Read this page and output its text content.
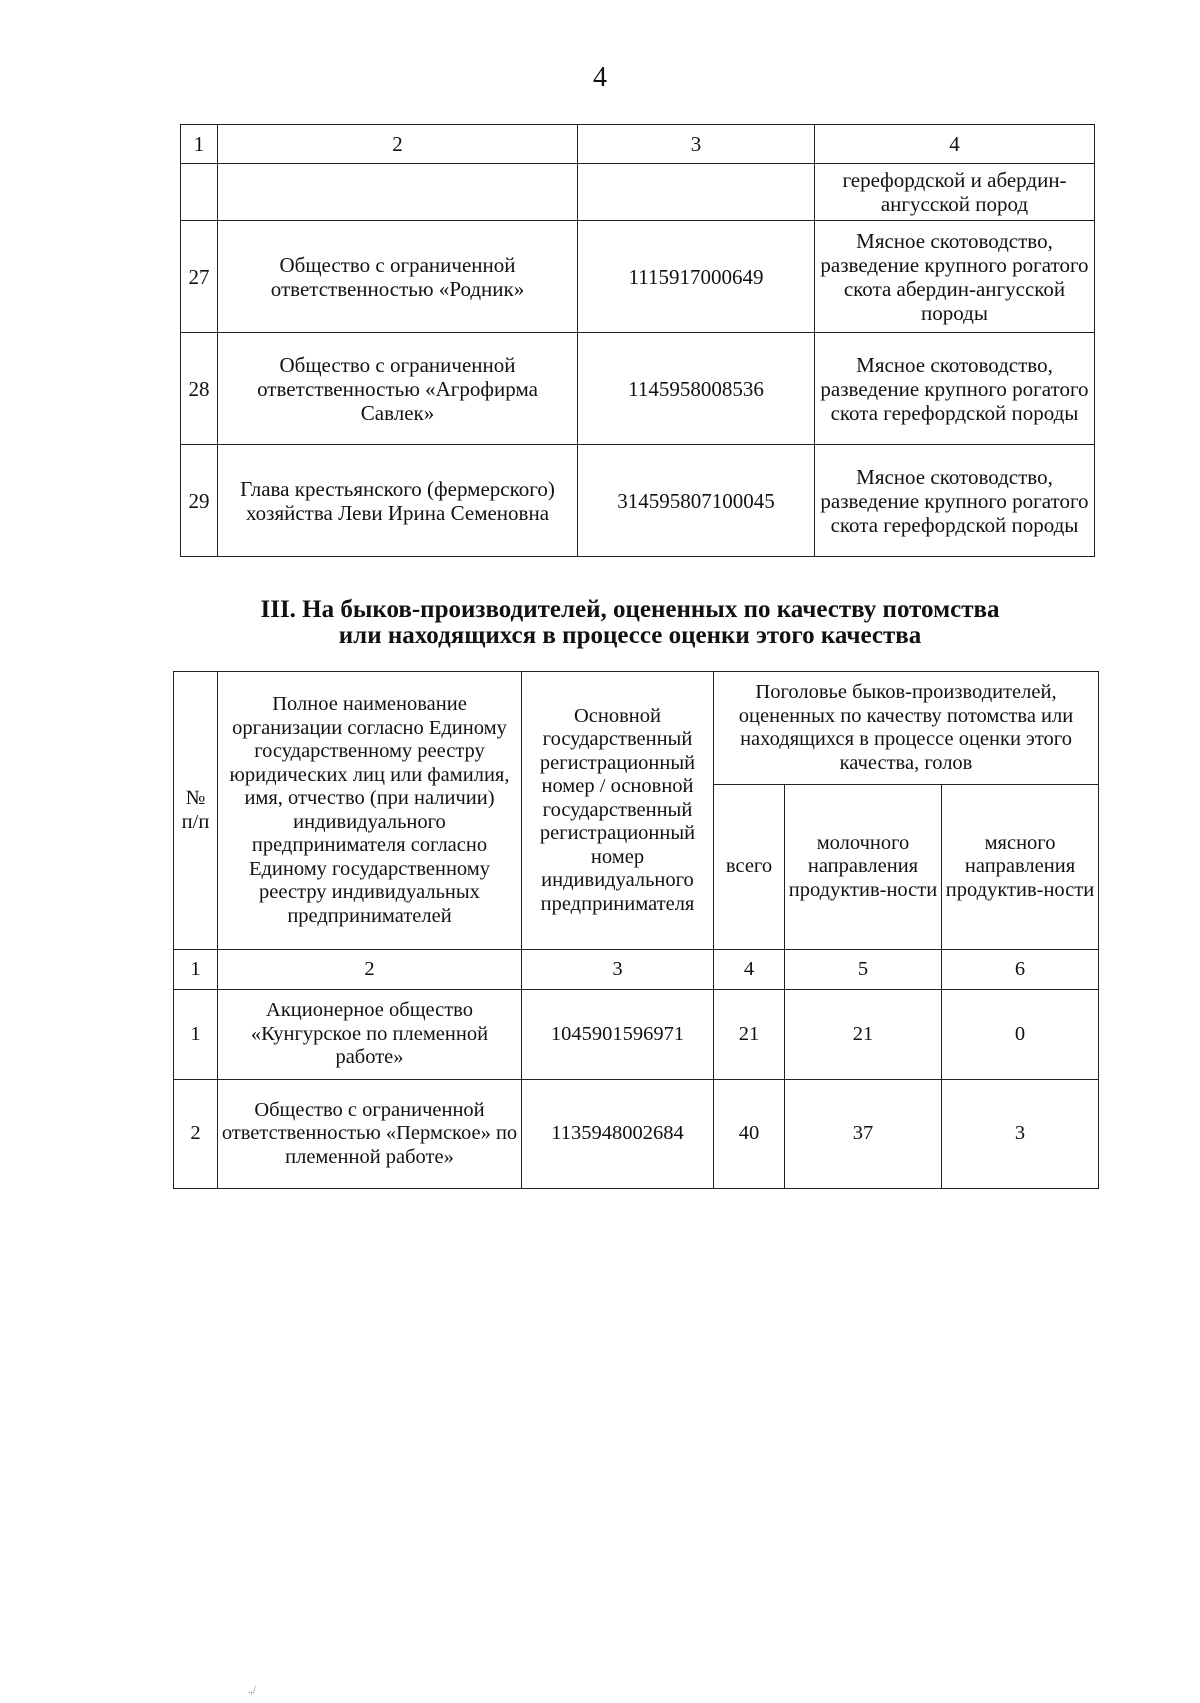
4
1	2	3	4
			герефордской и абердин-ангусской пород
27	Общество с ограниченной ответственностью «Родник»	1115917000649	Мясное скотоводство, разведение крупного рогатого скота абердин-ангусской породы
28	Общество с ограниченной ответственностью «Агрофирма Савлек»	1145958008536	Мясное скотоводство, разведение крупного рогатого скота герефордской породы
29	Глава крестьянского (фермерского) хозяйства Леви Ирина Семеновна	314595807100045	Мясное скотоводство, разведение крупного рогатого скота герефордской породы
III. На быков-производителей, оцененных по качеству потомства
или находящихся в процессе оценки этого качества
№ п/п	Полное наименование организации согласно Единому государственному реестру юридических лиц или фамилия, имя, отчество (при наличии) индивидуального предпринимателя согласно Единому государственному реестру индивидуальных предпринимателей	Основной государственный регистрационный номер / основной государственный регистрационный номер индивидуального предпринимателя	Поголовье быков-производителей, оцененных по качеству потомства или находящихся в процессе оценки этого качества, голов		
			всего	молочного направления продуктив-ности	мясного направления продуктив-ности
1	2	3	4	5	6
1	Акционерное общество «Кунгурское по племенной работе»	1045901596971	21	21	0
2	Общество с ограниченной ответственностью «Пермское» по племенной работе»	1135948002684	40	37	3
.,/
